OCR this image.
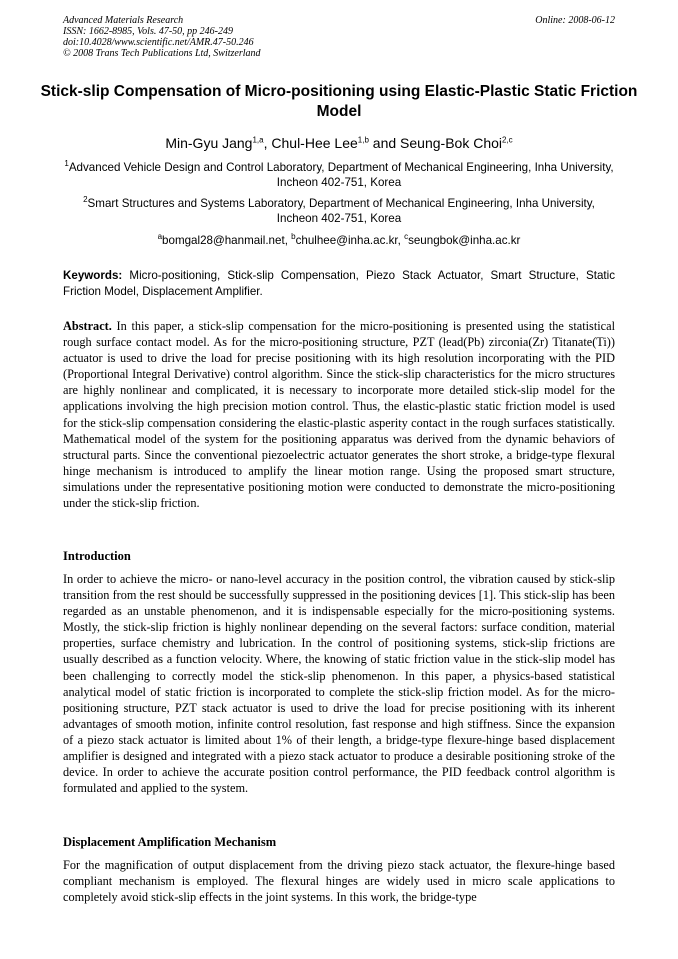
Advanced Materials Research
ISSN: 1662-8985, Vols. 47-50, pp 246-249
doi:10.4028/www.scientific.net/AMR.47-50.246
© 2008 Trans Tech Publications Ltd, Switzerland
Online: 2008-06-12
Stick-slip Compensation of Micro-positioning using Elastic-Plastic Static Friction Model
Min-Gyu Jang$^{1,a}$, Chul-Hee Lee$^{1,b}$ and Seung-Bok Choi$^{2,c}$
$^1$Advanced Vehicle Design and Control Laboratory, Department of Mechanical Engineering, Inha University, Incheon 402-751, Korea
$^2$Smart Structures and Systems Laboratory, Department of Mechanical Engineering, Inha University, Incheon 402-751, Korea
$^a$bomgal28@hanmail.net, $^b$chulhee@inha.ac.kr, $^c$seungbok@inha.ac.kr
Keywords: Micro-positioning, Stick-slip Compensation, Piezo Stack Actuator, Smart Structure, Static Friction Model, Displacement Amplifier.
Abstract. In this paper, a stick-slip compensation for the micro-positioning is presented using the statistical rough surface contact model. As for the micro-positioning structure, PZT (lead(Pb) zirconia(Zr) Titanate(Ti)) actuator is used to drive the load for precise positioning with its high resolution incorporating with the PID (Proportional Integral Derivative) control algorithm. Since the stick-slip characteristics for the micro structures are highly nonlinear and complicated, it is necessary to incorporate more detailed stick-slip model for the applications involving the high precision motion control. Thus, the elastic-plastic static friction model is used for the stick-slip compensation considering the elastic-plastic asperity contact in the rough surfaces statistically. Mathematical model of the system for the positioning apparatus was derived from the dynamic behaviors of structural parts. Since the conventional piezoelectric actuator generates the short stroke, a bridge-type flexural hinge mechanism is introduced to amplify the linear motion range. Using the proposed smart structure, simulations under the representative positioning motion were conducted to demonstrate the micro-positioning under the stick-slip friction.
Introduction
In order to achieve the micro- or nano-level accuracy in the position control, the vibration caused by stick-slip transition from the rest should be successfully suppressed in the positioning devices [1]. This stick-slip has been regarded as an unstable phenomenon, and it is indispensable especially for the micro-positioning systems. Mostly, the stick-slip friction is highly nonlinear depending on the several factors: surface condition, material properties, surface chemistry and lubrication. In the control of positioning systems, stick-slip frictions are usually described as a function velocity. Where, the knowing of static friction value in the stick-slip model has been challenging to correctly model the stick-slip phenomenon. In this paper, a physics-based statistical analytical model of static friction is incorporated to complete the stick-slip friction model. As for the micro-positioning structure, PZT stack actuator is used to drive the load for precise positioning with its inherent advantages of smooth motion, infinite control resolution, fast response and high stiffness. Since the expansion of a piezo stack actuator is limited about 1% of their length, a bridge-type flexure-hinge based displacement amplifier is designed and integrated with a piezo stack actuator to produce a desirable positioning stroke of the device. In order to achieve the accurate position control performance, the PID feedback control algorithm is formulated and applied to the system.
Displacement Amplification Mechanism
For the magnification of output displacement from the driving piezo stack actuator, the flexure-hinge based compliant mechanism is employed. The flexural hinges are widely used in micro scale applications to completely avoid stick-slip effects in the joint systems. In this work, the bridge-type
